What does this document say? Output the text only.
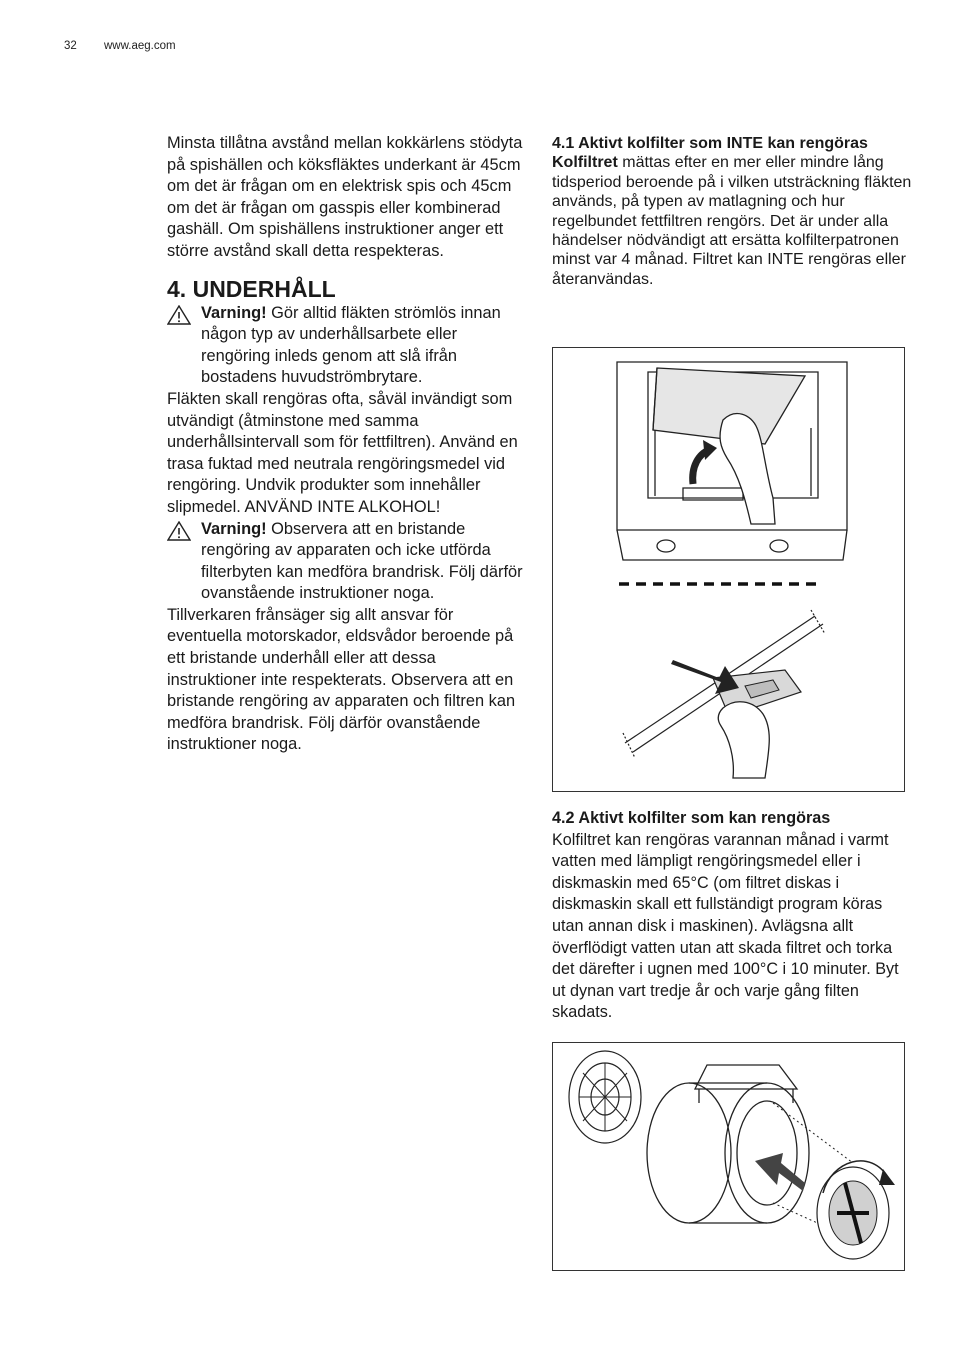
32 www.aeg.com

Minsta tillåtna avstånd mellan kokkärlens stödyta på spishällen och köksfläktes underkant är 45cm om det är frågan om en elektrisk spis och 45cm om det är frågan om gasspis eller kombinerad gashäll. Om spishällens instruktioner anger ett större avstånd skall detta respekteras.

4. UNDERHÅLL
Varning! Gör alltid fläkten strömlös innan någon typ av underhållsarbete eller rengöring inleds genom att slå ifrån bostadens huvudströmbrytare.

Fläkten skall rengöras ofta, såväl invändigt som utvändigt (åtminstone med samma underhållsintervall som för fettfiltren). Använd en trasa fuktad med neutrala rengöringsmedel vid rengöring. Undvik produkter som innehåller slipmedel. ANVÄND INTE ALKOHOL!

Varning! Observera att en bristande rengöring av apparaten och icke utförda filterbyten kan medföra brandrisk. Följ därför ovanstående instruktioner noga.

Tillverkaren frånsäger sig allt ansvar för eventuella motorskador, eldsvådor beroende på ett bristande underhåll eller att dessa instruktioner inte respekterats. Observera att en bristande rengöring av apparaten och filtren kan medföra brandrisk. Följ därför ovanstående instruktioner noga.

4.1 Aktivt kolfilter som INTE kan rengöras

Kolfiltret mättas efter en mer eller mindre lång tidsperiod beroende på i vilken utsträckning fläkten används, på typen av matlagning och hur regelbundet fettfiltren rengörs. Det är under alla händelser nödvändigt att ersätta kolfilterpatronen minst var 4 månad. Filtret kan INTE rengöras eller återanvändas.

4.2 Aktivt kolfilter som kan rengöras

Kolfiltret kan rengöras varannan månad i varmt vatten med lämpligt rengöringsmedel eller i diskmaskin med 65°C (om filtret diskas i diskmaskin skall ett fullständigt program köras utan annan disk i maskinen). Avlägsna allt överflödigt vatten utan att skada filtret och torka det därefter i ugnen med 100°C i 10 minuter. Byt ut dynan vart tredje år och varje gång filten skadats.
